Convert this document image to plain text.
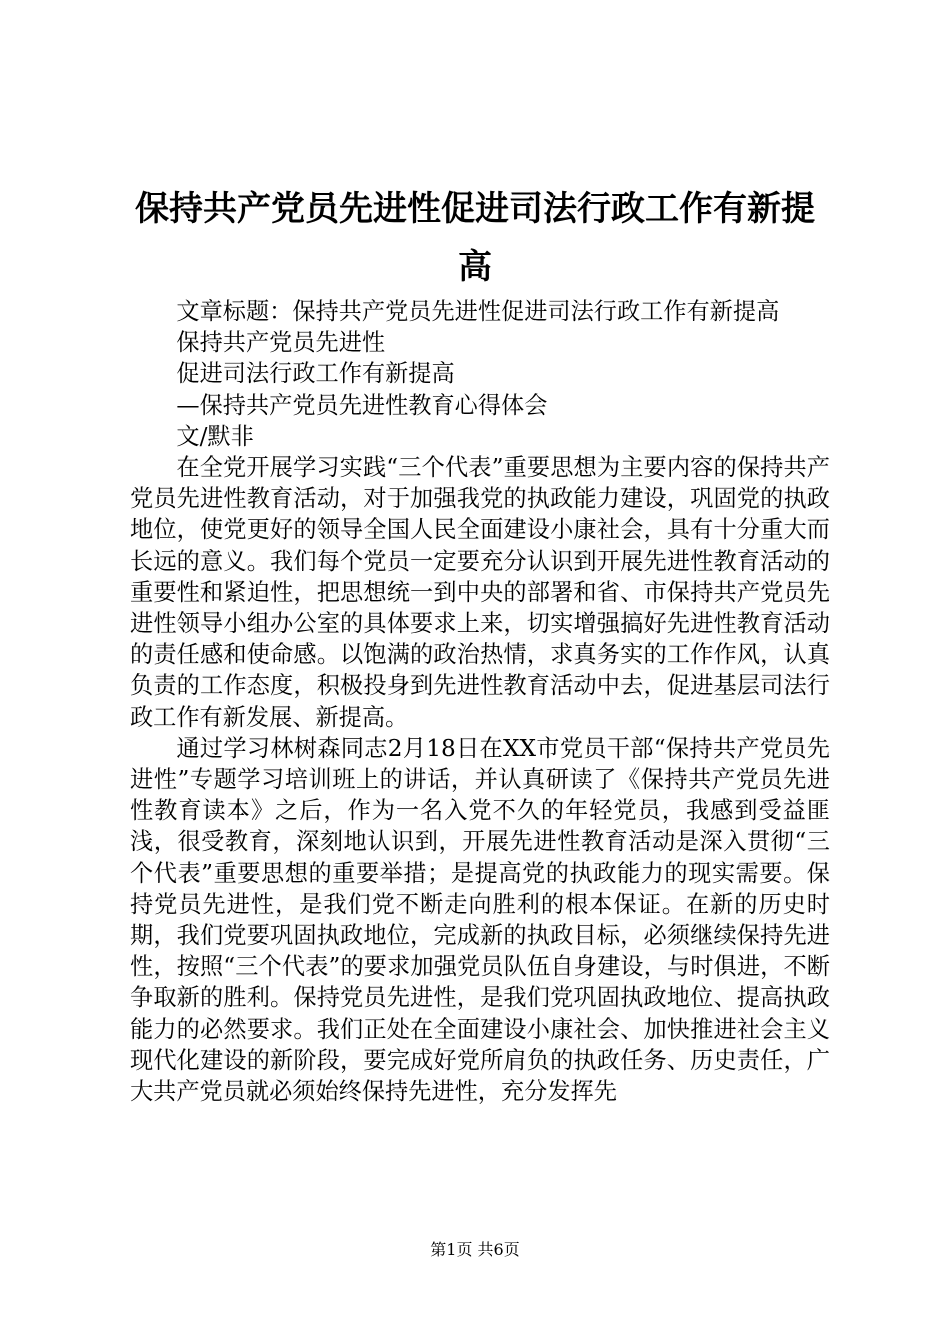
保持共产党员先进性促进司法行政工作有新提高

文章标题：保持共产党员先进性促进司法行政工作有新提高

保持共产党员先进性

促进司法行政工作有新提高

—保持共产党员先进性教育心得体会

文/默非

在全党开展学习实践“三个代表”重要思想为主要内容的保持共产党员先进性教育活动，对于加强我党的执政能力建设，巩固党的执政地位，使党更好的领导全国人民全面建设小康社会，具有十分重大而长远的意义。我们每个党员一定要充分认识到开展先进性教育活动的重要性和紧迫性，把思想统一到中央的部署和省、市保持共产党员先进性领导小组办公室的具体要求上来，切实增强搞好先进性教育活动的责任感和使命感。以饱满的政治热情，求真务实的工作作风，认真负责的工作态度，积极投身到先进性教育活动中去，促进基层司法行政工作有新发展、新提高。

通过学习林树森同志2月18日在XX市党员干部“保持共产党员先进性”专题学习培训班上的讲话，并认真研读了《保持共产党员先进性教育读本》之后，作为一名入党不久的年轻党员，我感到受益匪浅，很受教育，深刻地认识到，开展先进性教育活动是深入贯彻“三个代表”重要思想的重要举措；是提高党的执政能力的现实需要。保持党员先进性，是我们党不断走向胜利的根本保证。在新的历史时期，我们党要巩固执政地位，完成新的执政目标，必须继续保持先进性，按照“三个代表”的要求加强党员队伍自身建设，与时俱进，不断争取新的胜利。保持党员先进性，是我们党巩固执政地位、提高执政能力的必然要求。我们正处在全面建设小康社会、加快推进社会主义现代化建设的新阶段，要完成好党所肩负的执政任务、历史责任，广大共产党员就必须始终保持先进性，充分发挥先

第1页 共6页
